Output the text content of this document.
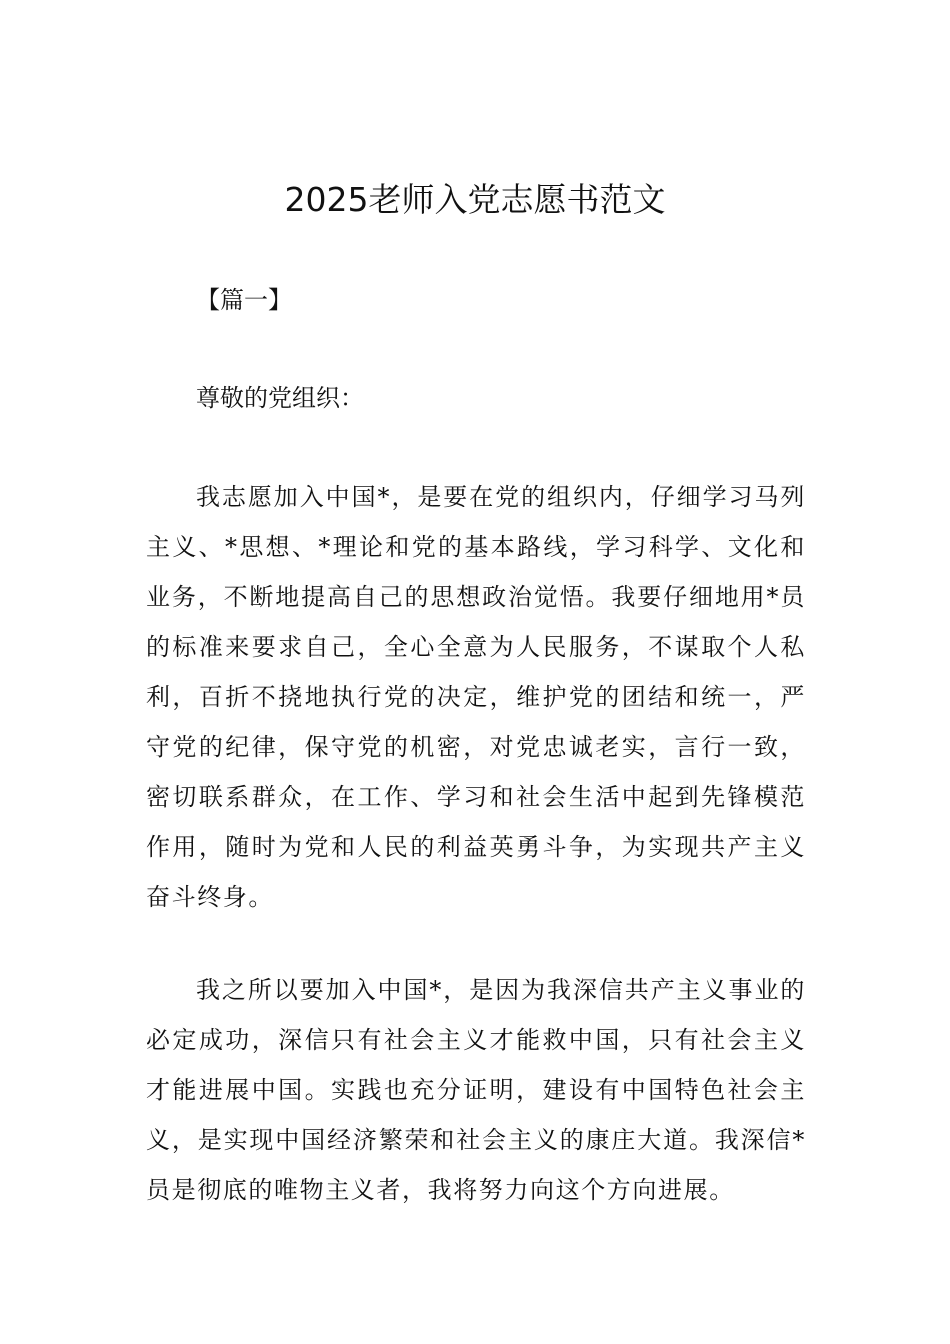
2025老师入党志愿书范文

【篇一】

尊敬的党组织：

我志愿加入中国*，是要在党的组织内，仔细学习马列主义、*思想、*理论和党的基本路线，学习科学、文化和业务，不断地提高自己的思想政治觉悟。我要仔细地用*员的标准来要求自己，全心全意为人民服务，不谋取个人私利，百折不挠地执行党的决定，维护党的团结和统一，严守党的纪律，保守党的机密，对党忠诚老实，言行一致，密切联系群众，在工作、学习和社会生活中起到先锋模范作用，随时为党和人民的利益英勇斗争，为实现共产主义奋斗终身。

我之所以要加入中国*，是因为我深信共产主义事业的必定成功，深信只有社会主义才能救中国，只有社会主义才能进展中国。实践也充分证明，建设有中国特色社会主义，是实现中国经济繁荣和社会主义的康庄大道。我深信*员是彻底的唯物主义者，我将努力向这个方向进展。
